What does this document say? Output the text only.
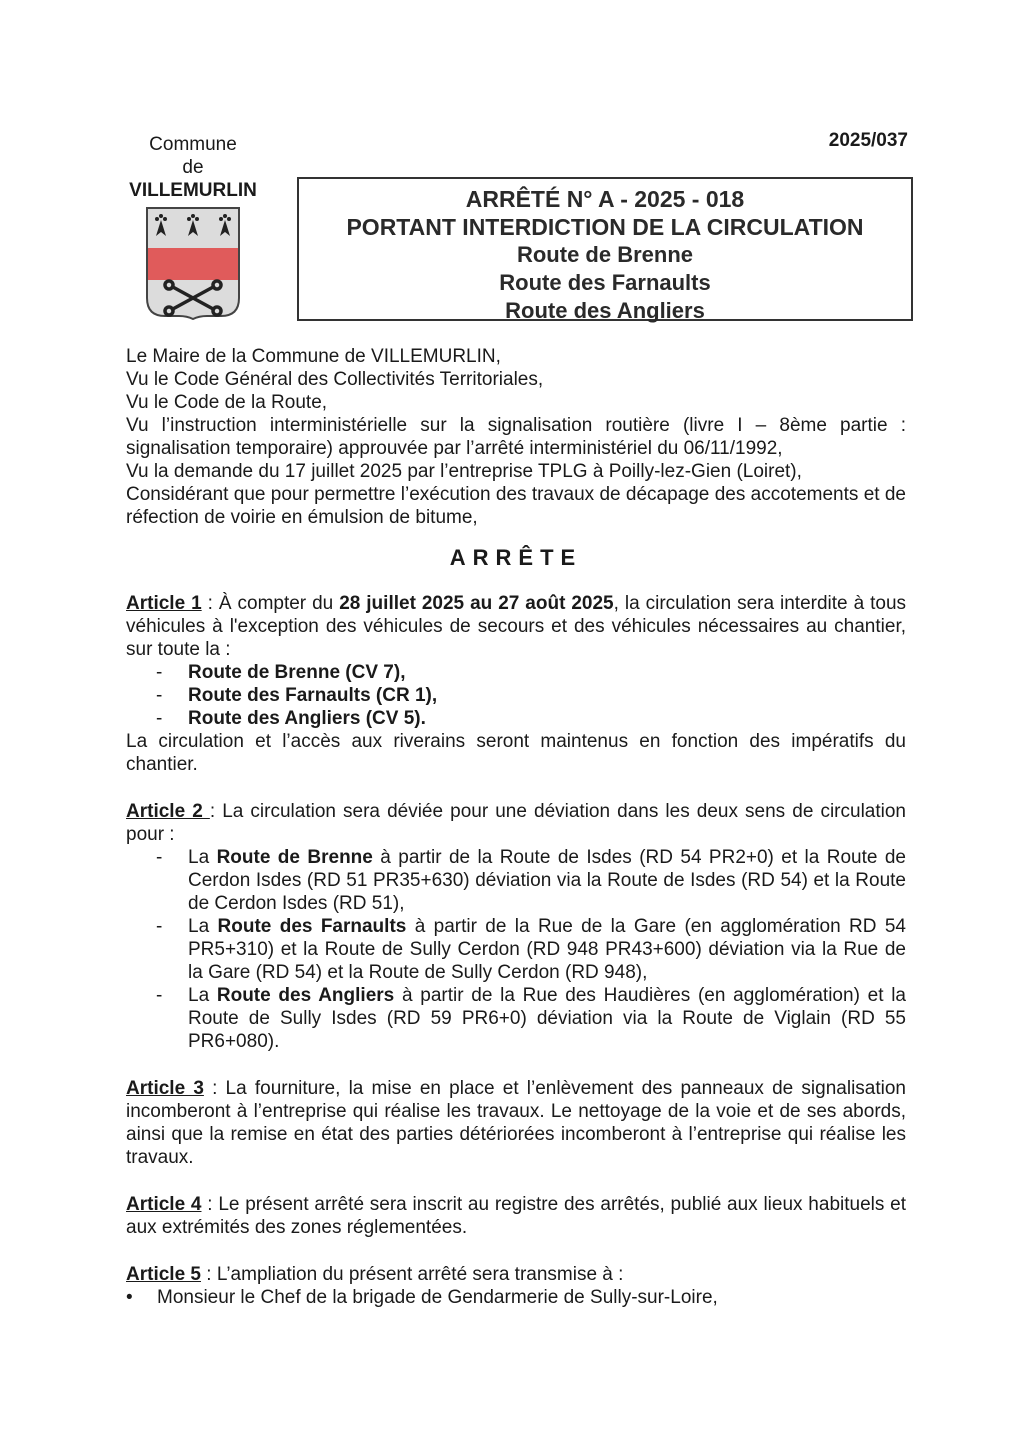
Commune
de
VILLEMURLIN
2025/037
ARRÊTÉ N° A - 2025 - 018
PORTANT INTERDICTION DE LA CIRCULATION
Route de Brenne
Route des Farnaults
Route des Angliers

Le Maire de la Commune de VILLEMURLIN,

Vu le Code Général des Collectivités Territoriales,

Vu le Code de la Route,

Vu l’instruction interministérielle sur la signalisation routière (livre I – 8ème partie : signalisation temporaire) approuvée par l’arrêté interministériel du 06/11/1992,

Vu la demande du 17 juillet 2025 par l’entreprise TPLG à Poilly-lez-Gien (Loiret),

Considérant que pour permettre l’exécution des travaux de décapage des accotements et de réfection de voirie en émulsion de bitume,

ARRÊTE

Article 1 : À compter du 28 juillet 2025 au 27 août 2025, la circulation sera interdite à tous véhicules à l'exception des véhicules de secours et des véhicules nécessaires au chantier, sur toute la :

- Route de Brenne (CV 7),
- Route des Farnaults (CR 1),
- Route des Angliers (CV 5).

La circulation et l’accès aux riverains seront maintenus en fonction des impératifs du chantier.

Article 2 : La circulation sera déviée pour une déviation dans les deux sens de circulation pour :

- La Route de Brenne à partir de la Route de Isdes (RD 54 PR2+0) et la Route de Cerdon Isdes (RD 51 PR35+630) déviation via la Route de Isdes (RD 54) et la Route de Cerdon Isdes (RD 51),
- La Route des Farnaults à partir de la Rue de la Gare (en agglomération RD 54 PR5+310) et la Route de Sully Cerdon (RD 948 PR43+600) déviation via la Rue de la Gare (RD 54) et la Route de Sully Cerdon (RD 948),
- La Route des Angliers à partir de la Rue des Haudières (en agglomération) et la Route de Sully Isdes (RD 59 PR6+0) déviation via la Route de Viglain (RD 55 PR6+080).

Article 3 : La fourniture, la mise en place et l’enlèvement des panneaux de signalisation incomberont à l’entreprise qui réalise les travaux. Le nettoyage de la voie et de ses abords, ainsi que la remise en état des parties détériorées incomberont à l’entreprise qui réalise les travaux.

Article 4 : Le présent arrêté sera inscrit au registre des arrêtés, publié aux lieux habituels et aux extrémités des zones réglementées.

Article 5 : L’ampliation du présent arrêté sera transmise à :

• Monsieur le Chef de la brigade de Gendarmerie de Sully-sur-Loire,
